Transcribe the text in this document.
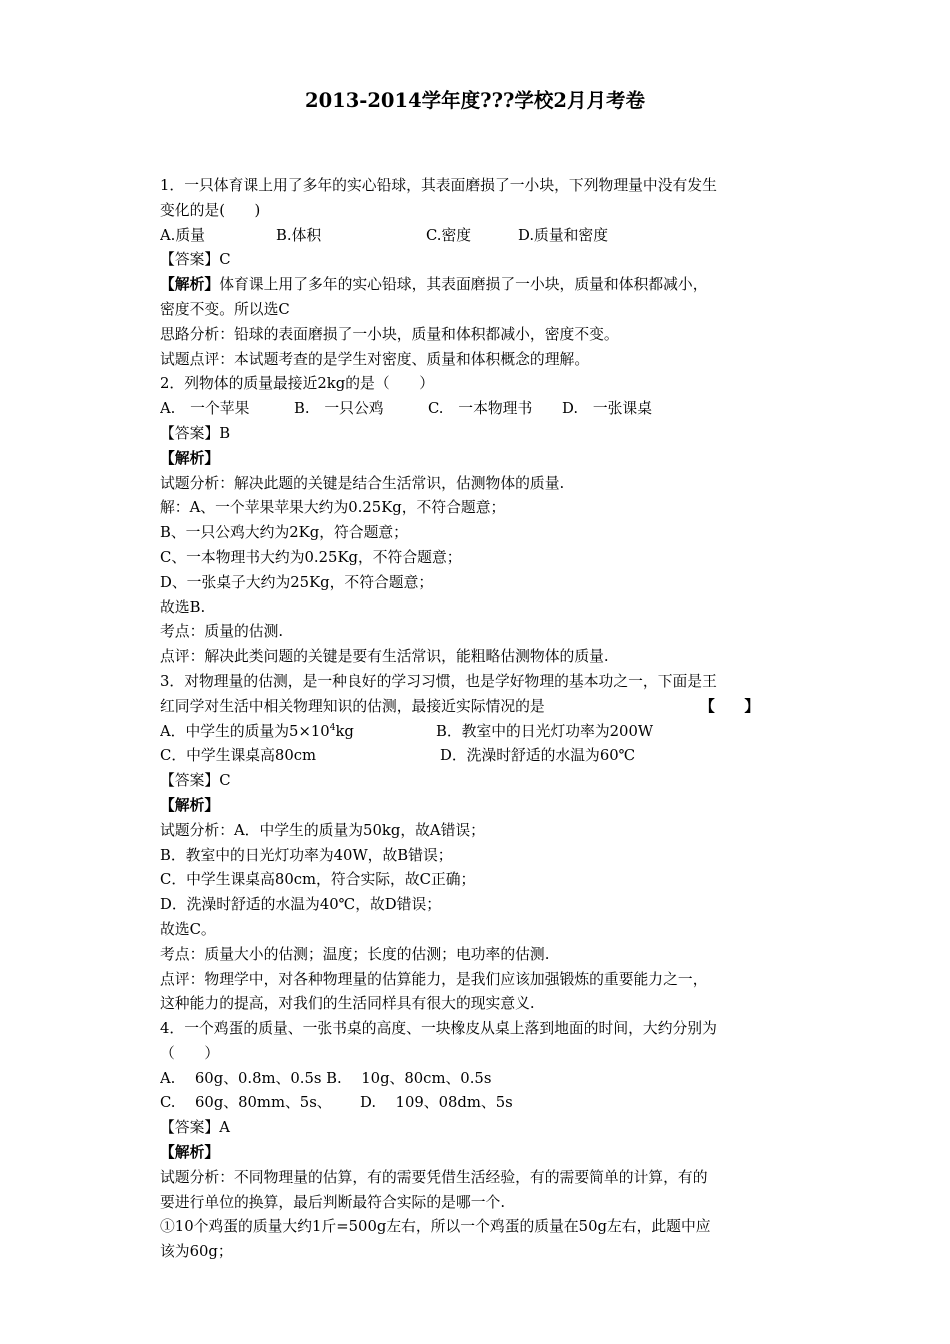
2013-2014学年度???学校2月月考卷
1．一只体育课上用了多年的实心铅球，其表面磨损了一小块，下列物理量中没有发生
变化的是(　　)
A.质量	B.体积	C.密度	D.质量和密度
【答案】C
【解析】体育课上用了多年的实心铅球，其表面磨损了一小块，质量和体积都减小，
密度不变。所以选C
思路分析：铅球的表面磨损了一小块，质量和体积都减小，密度不变。
试题点评：本试题考查的是学生对密度、质量和体积概念的理解。
2．列物体的质量最接近2kg的是（　　）
A.　一个苹果	B.　一只公鸡	C.　一本物理书	D.　一张课桌
【答案】B
【解析】
试题分析：解决此题的关键是结合生活常识，估测物体的质量.
解：A、一个苹果苹果大约为0.25Kg，不符合题意；
B、一只公鸡大约为2Kg，符合题意；
C、一本物理书大约为0.25Kg，不符合题意；
D、一张桌子大约为25Kg，不符合题意；
故选B.
考点：质量的估测.
点评：解决此类问题的关键是要有生活常识，能粗略估测物体的质量.
3．对物理量的估测，是一种良好的学习习惯，也是学好物理的基本功之一，下面是王
红同学对生活中相关物理知识的估测，最接近实际情况的是	【　　】
A．中学生的质量为$5\times 10^4kg$	B．教室中的日光灯功率为200W
C．中学生课桌高80cm	D．洗澡时舒适的水温为60℃
【答案】C
【解析】
试题分析：A．中学生的质量为50kg，故A错误；
B．教室中的日光灯功率为40W，故B错误；
C．中学生课桌高80cm，符合实际，故C正确；
D．洗澡时舒适的水温为40℃，故D错误；
故选C。
考点：质量大小的估测；温度；长度的估测；电功率的估测.
点评：物理学中，对各种物理量的估算能力，是我们应该加强锻炼的重要能力之一，
这种能力的提高，对我们的生活同样具有很大的现实意义.
4．一个鸡蛋的质量、一张书桌的高度、一块橡皮从桌上落到地面的时间，大约分别为
（　　）
A.　 60g、0.8m、0.5s B.　 10g、80cm、0.5s
C.　 60g、80mm、5s、	D.　 109、08dm、5s
【答案】A
【解析】
试题分析：不同物理量的估算，有的需要凭借生活经验，有的需要简单的计算，有的
要进行单位的换算，最后判断最符合实际的是哪一个.
①10个鸡蛋的质量大约1斤=500g左右，所以一个鸡蛋的质量在50g左右，此题中应
该为60g；
